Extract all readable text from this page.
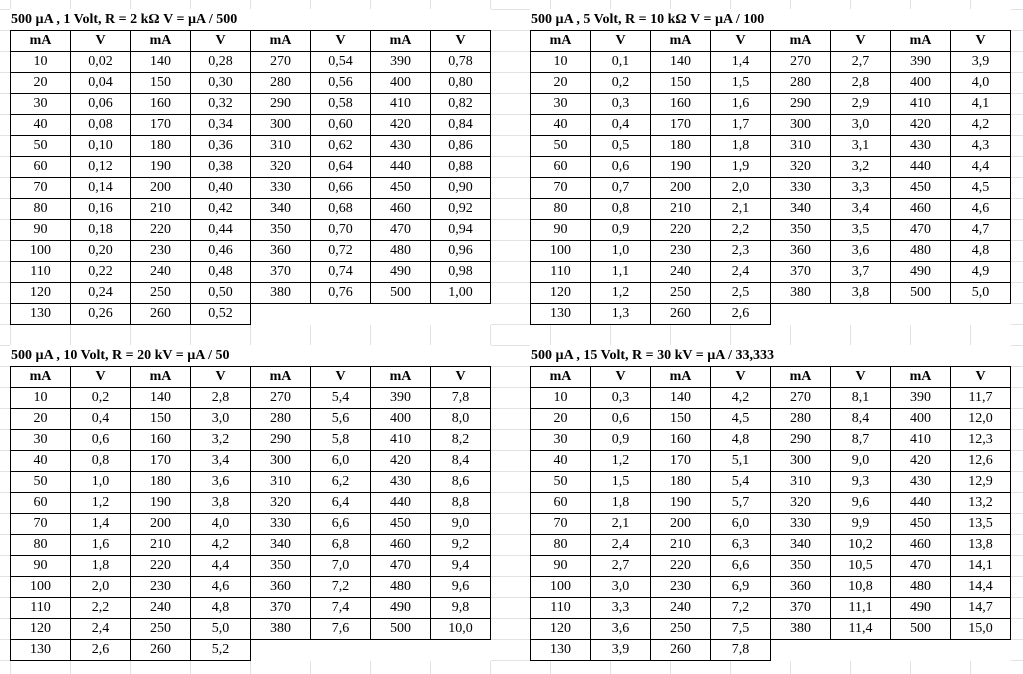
500 µA , 1 Volt, R = 2 kΩ V = µA / 500
mA	V	mA	V	mA	V	mA	V
10	0,02	140	0,28	270	0,54	390	0,78
20	0,04	150	0,30	280	0,56	400	0,80
30	0,06	160	0,32	290	0,58	410	0,82
40	0,08	170	0,34	300	0,60	420	0,84
50	0,10	180	0,36	310	0,62	430	0,86
60	0,12	190	0,38	320	0,64	440	0,88
70	0,14	200	0,40	330	0,66	450	0,90
80	0,16	210	0,42	340	0,68	460	0,92
90	0,18	220	0,44	350	0,70	470	0,94
100	0,20	230	0,46	360	0,72	480	0,96
110	0,22	240	0,48	370	0,74	490	0,98
120	0,24	250	0,50	380	0,76	500	1,00
130	0,26	260	0,52				
500 µA , 5 Volt, R = 10 kΩ V = µA / 100
mA	V	mA	V	mA	V	mA	V
10	0,1	140	1,4	270	2,7	390	3,9
20	0,2	150	1,5	280	2,8	400	4,0
30	0,3	160	1,6	290	2,9	410	4,1
40	0,4	170	1,7	300	3,0	420	4,2
50	0,5	180	1,8	310	3,1	430	4,3
60	0,6	190	1,9	320	3,2	440	4,4
70	0,7	200	2,0	330	3,3	450	4,5
80	0,8	210	2,1	340	3,4	460	4,6
90	0,9	220	2,2	350	3,5	470	4,7
100	1,0	230	2,3	360	3,6	480	4,8
110	1,1	240	2,4	370	3,7	490	4,9
120	1,2	250	2,5	380	3,8	500	5,0
130	1,3	260	2,6				
500 µA , 10 Volt, R = 20 kV = µA / 50
mA	V	mA	V	mA	V	mA	V
10	0,2	140	2,8	270	5,4	390	7,8
20	0,4	150	3,0	280	5,6	400	8,0
30	0,6	160	3,2	290	5,8	410	8,2
40	0,8	170	3,4	300	6,0	420	8,4
50	1,0	180	3,6	310	6,2	430	8,6
60	1,2	190	3,8	320	6,4	440	8,8
70	1,4	200	4,0	330	6,6	450	9,0
80	1,6	210	4,2	340	6,8	460	9,2
90	1,8	220	4,4	350	7,0	470	9,4
100	2,0	230	4,6	360	7,2	480	9,6
110	2,2	240	4,8	370	7,4	490	9,8
120	2,4	250	5,0	380	7,6	500	10,0
130	2,6	260	5,2				
500 µA , 15 Volt, R = 30 kV = µA / 33,333
mA	V	mA	V	mA	V	mA	V
10	0,3	140	4,2	270	8,1	390	11,7
20	0,6	150	4,5	280	8,4	400	12,0
30	0,9	160	4,8	290	8,7	410	12,3
40	1,2	170	5,1	300	9,0	420	12,6
50	1,5	180	5,4	310	9,3	430	12,9
60	1,8	190	5,7	320	9,6	440	13,2
70	2,1	200	6,0	330	9,9	450	13,5
80	2,4	210	6,3	340	10,2	460	13,8
90	2,7	220	6,6	350	10,5	470	14,1
100	3,0	230	6,9	360	10,8	480	14,4
110	3,3	240	7,2	370	11,1	490	14,7
120	3,6	250	7,5	380	11,4	500	15,0
130	3,9	260	7,8				
